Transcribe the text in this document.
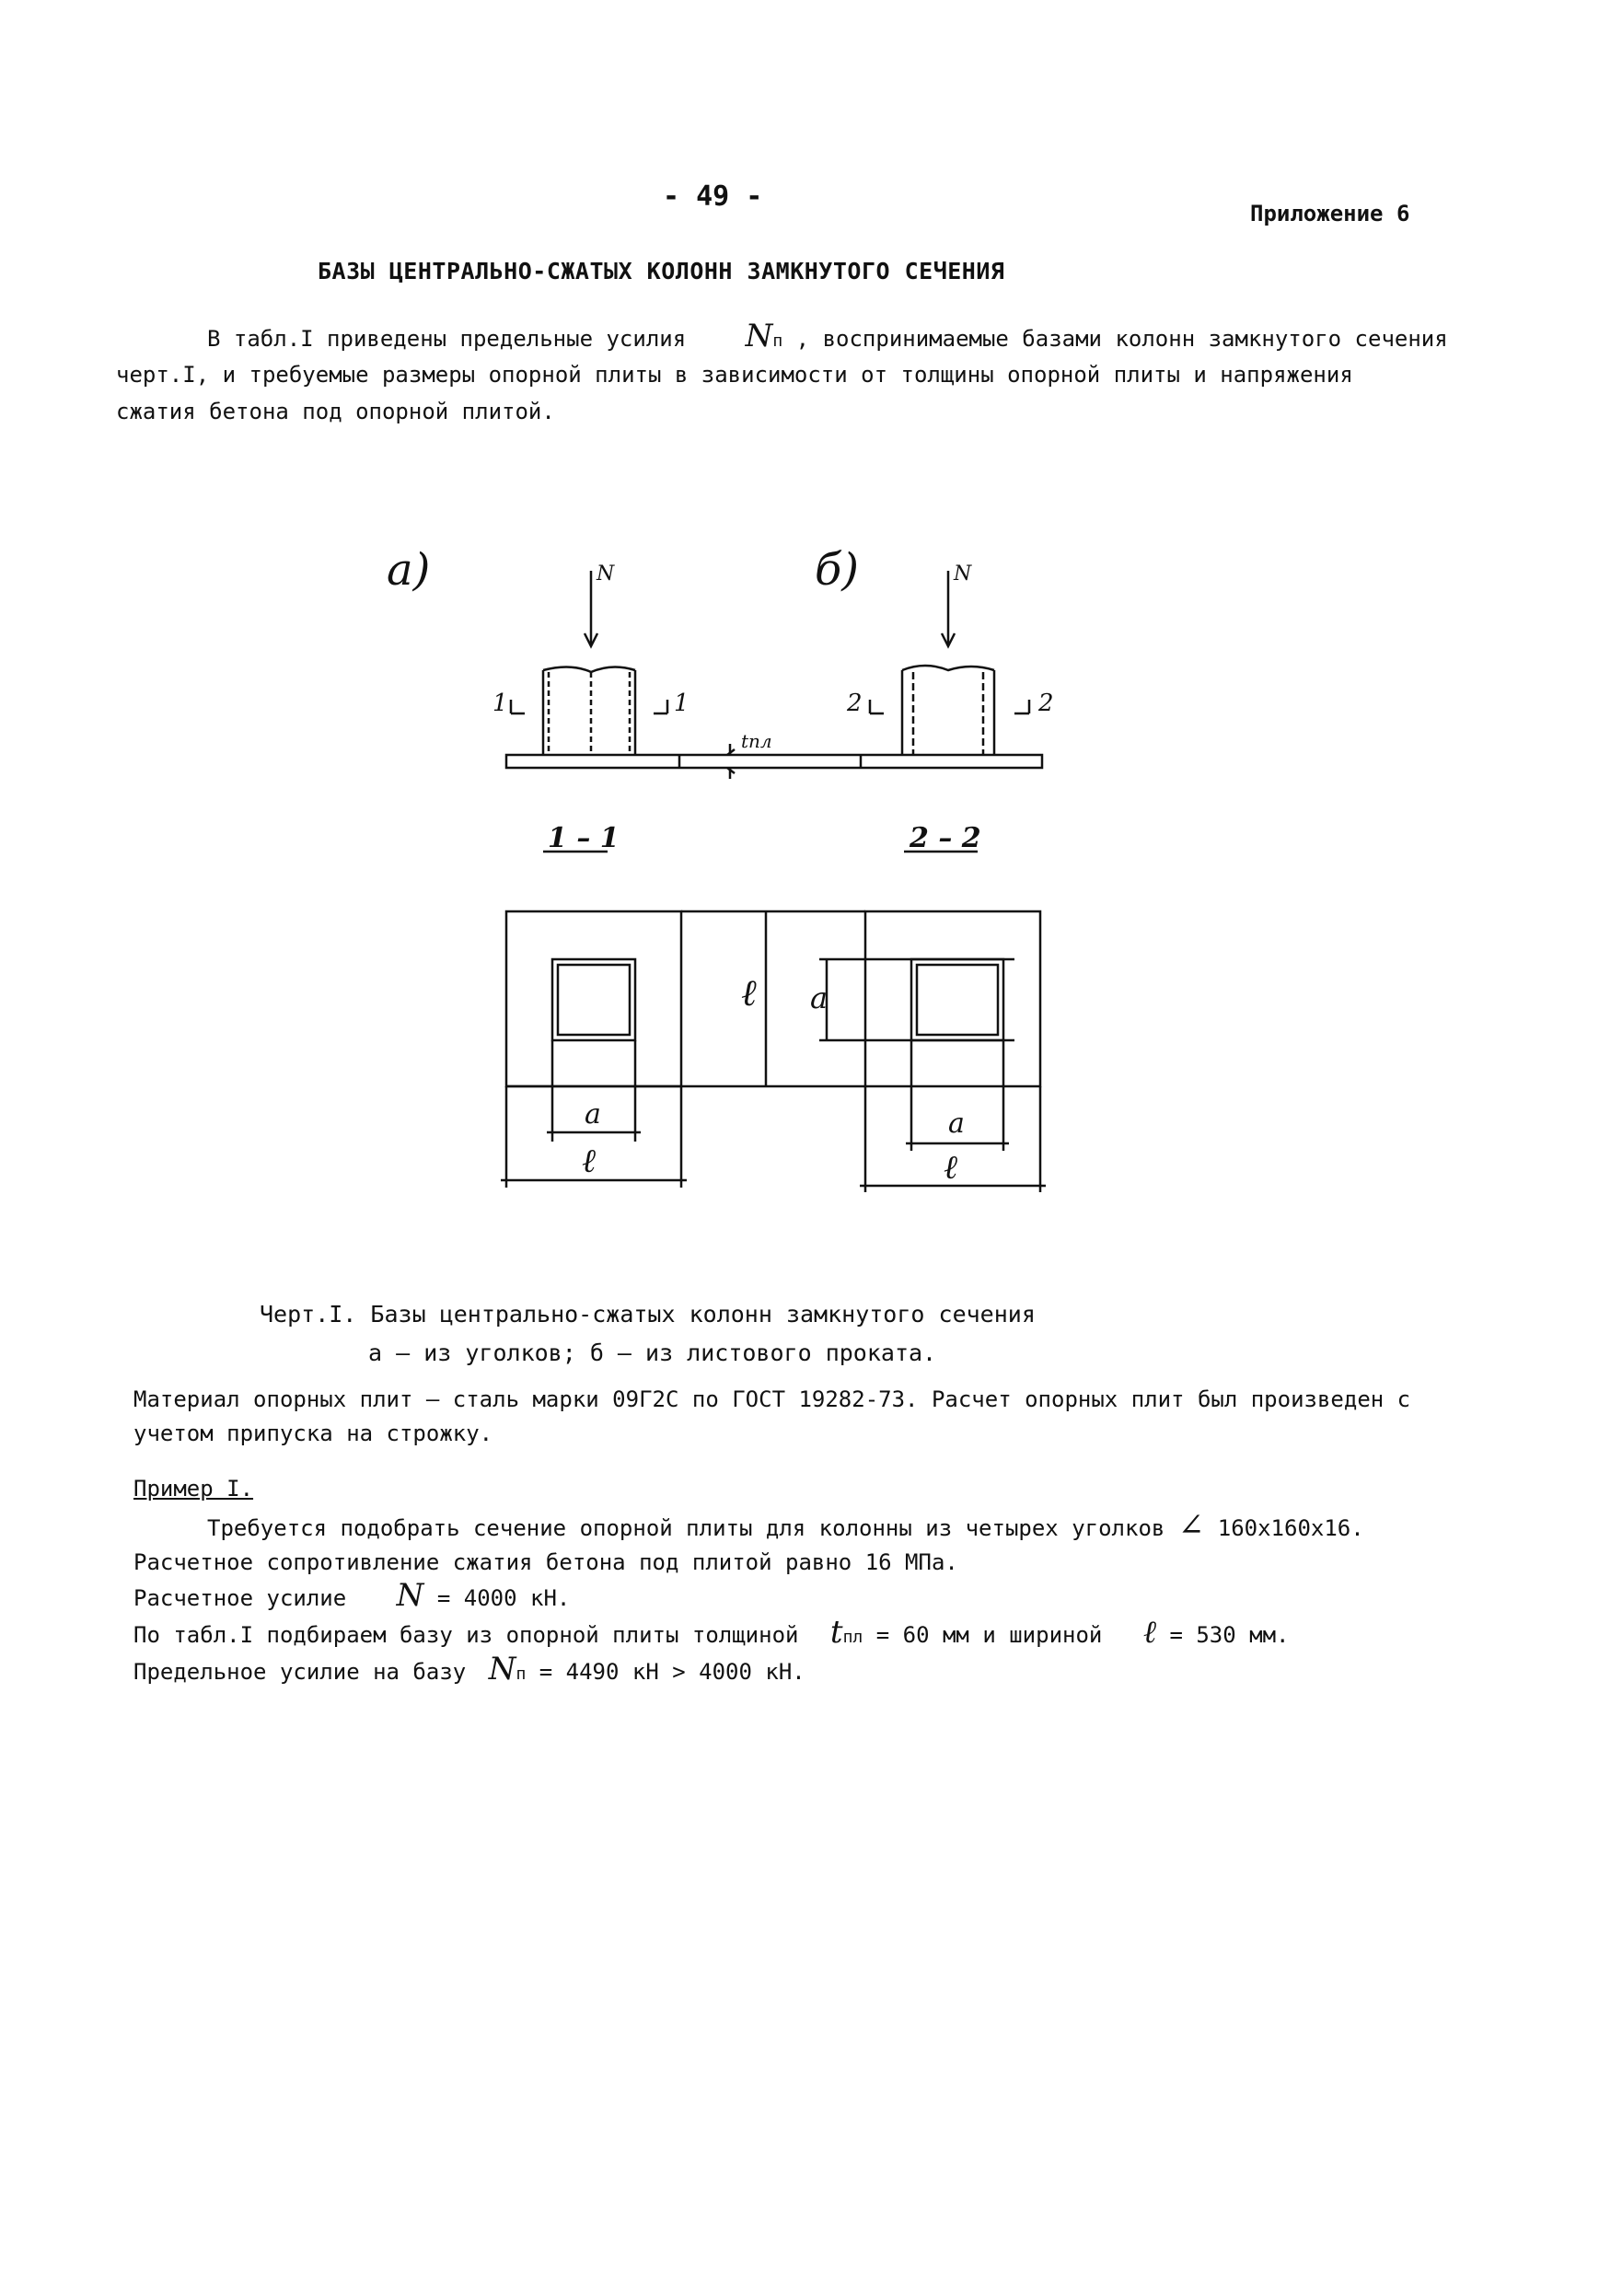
- 49 -
Приложение 6
БАЗЫ ЦЕНТРАЛЬНО-СЖАТЫХ КОЛОНН ЗАМКНУТОГО СЕЧЕНИЯ
В табл.I приведены предельные усилия Nп , воспринимаемые базами колонн замкнутого сечения
черт.I, и требуемые размеры опорной плиты в зависимости от толщины опорной плиты и напряжения
сжатия бетона под опорной плитой.
а)	б)
N	N
1	1	2	2
tпл
1 – 1	2 – 2
a
ℓ
a
ℓ
a
ℓ
Черт.I. Базы центрально-сжатых колонн замкнутого сечения
а – из уголков; б – из листового проката.
Материал опорных плит – сталь марки 09Г2С по ГОСТ 19282-73. Расчет опорных плит был произведен с
учетом припуска на строжку.
Пример I.
Требуется подобрать сечение опорной плиты для колонны из четырех уголков ∠ 160х160х16.
Расчетное сопротивление сжатия бетона под плитой равно 16 МПа.
Расчетное усилие N = 4000 кН.
По табл.I подбираем базу из опорной плиты толщиной tпл = 60 мм и шириной ℓ = 530 мм.
Предельное усилие на базу Nп = 4490 кН > 4000 кН.
